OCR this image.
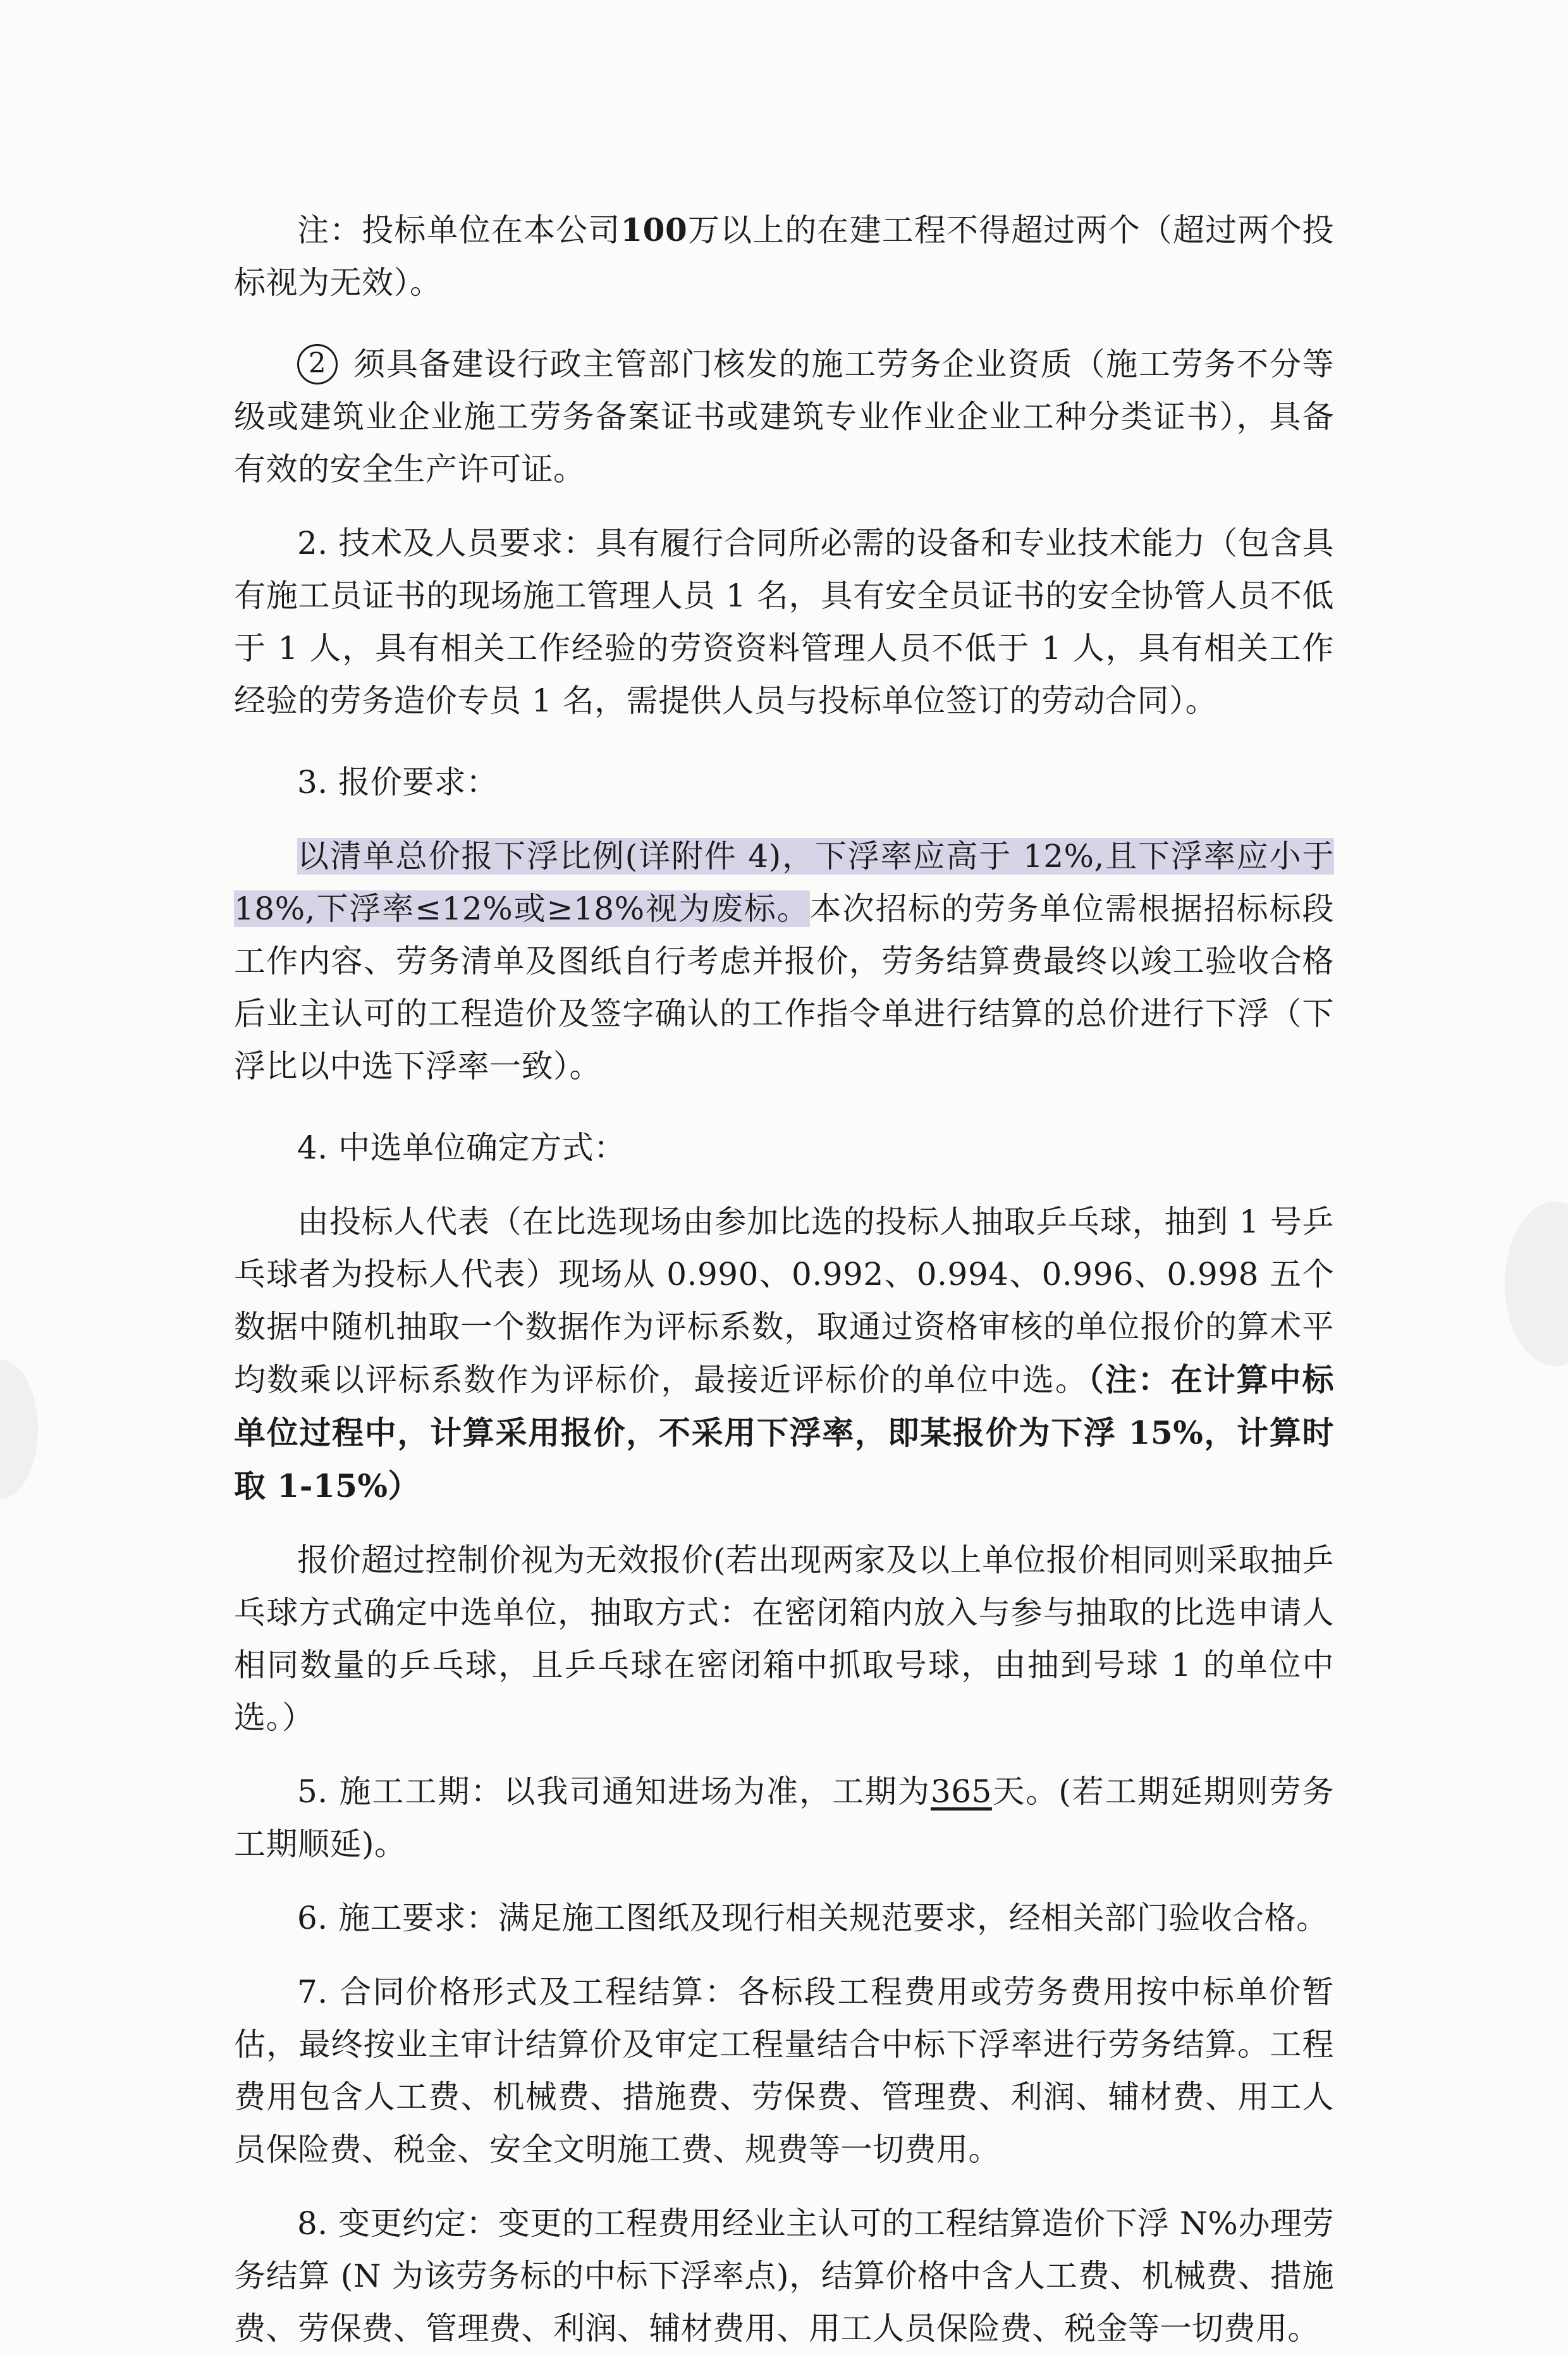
注：投标单位在本公司100万以上的在建工程不得超过两个（超过两个投标视为无效）。

2 须具备建设行政主管部门核发的施工劳务企业资质（施工劳务不分等级或建筑业企业施工劳务备案证书或建筑专业作业企业工种分类证书），具备有效的安全生产许可证。

2. 技术及人员要求：具有履行合同所必需的设备和专业技术能力（包含具有施工员证书的现场施工管理人员 1 名，具有安全员证书的安全协管人员不低于 1 人，具有相关工作经验的劳资资料管理人员不低于 1 人，具有相关工作经验的劳务造价专员 1 名，需提供人员与投标单位签订的劳动合同）。

3. 报价要求：

以清单总价报下浮比例(详附件 4)，下浮率应高于 12%,且下浮率应小于 18%,下浮率≤12%或≥18%视为废标。本次招标的劳务单位需根据招标标段工作内容、劳务清单及图纸自行考虑并报价，劳务结算费最终以竣工验收合格后业主认可的工程造价及签字确认的工作指令单进行结算的总价进行下浮（下浮比以中选下浮率一致）。

4. 中选单位确定方式：

由投标人代表（在比选现场由参加比选的投标人抽取乒乓球，抽到 1 号乒乓球者为投标人代表）现场从 0.990、0.992、0.994、0.996、0.998 五个数据中随机抽取一个数据作为评标系数，取通过资格审核的单位报价的算术平均数乘以评标系数作为评标价，最接近评标价的单位中选。（注：在计算中标单位过程中，计算采用报价，不采用下浮率，即某报价为下浮 15%，计算时取 1-15%）

报价超过控制价视为无效报价(若出现两家及以上单位报价相同则采取抽乒乓球方式确定中选单位，抽取方式：在密闭箱内放入与参与抽取的比选申请人相同数量的乒乓球，且乒乓球在密闭箱中抓取号球，由抽到号球 1 的单位中选。）

5. 施工工期：以我司通知进场为准，工期为365天。(若工期延期则劳务工期顺延)。

6. 施工要求：满足施工图纸及现行相关规范要求，经相关部门验收合格。

7. 合同价格形式及工程结算：各标段工程费用或劳务费用按中标单价暂估，最终按业主审计结算价及审定工程量结合中标下浮率进行劳务结算。工程费用包含人工费、机械费、措施费、劳保费、管理费、利润、辅材费、用工人员保险费、税金、安全文明施工费、规费等一切费用。

8. 变更约定：变更的工程费用经业主认可的工程结算造价下浮 N%办理劳务结算 (N 为该劳务标的中标下浮率点)，结算价格中含人工费、机械费、措施费、劳保费、管理费、利润、辅材费用、用工人员保险费、税金等一切费用。
